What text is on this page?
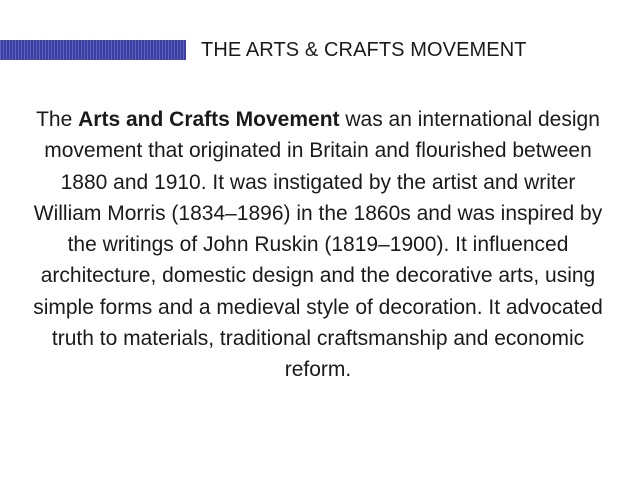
THE ARTS & CRAFTS MOVEMENT

The Arts and Crafts Movement was an international design movement that originated in Britain and flourished between 1880 and 1910. It was instigated by the artist and writer William Morris (1834–1896) in the 1860s and was inspired by the writings of John Ruskin (1819–1900). It influenced architecture, domestic design and the decorative arts, using simple forms and a medieval style of decoration. It advocated truth to materials, traditional craftsmanship and economic reform.
